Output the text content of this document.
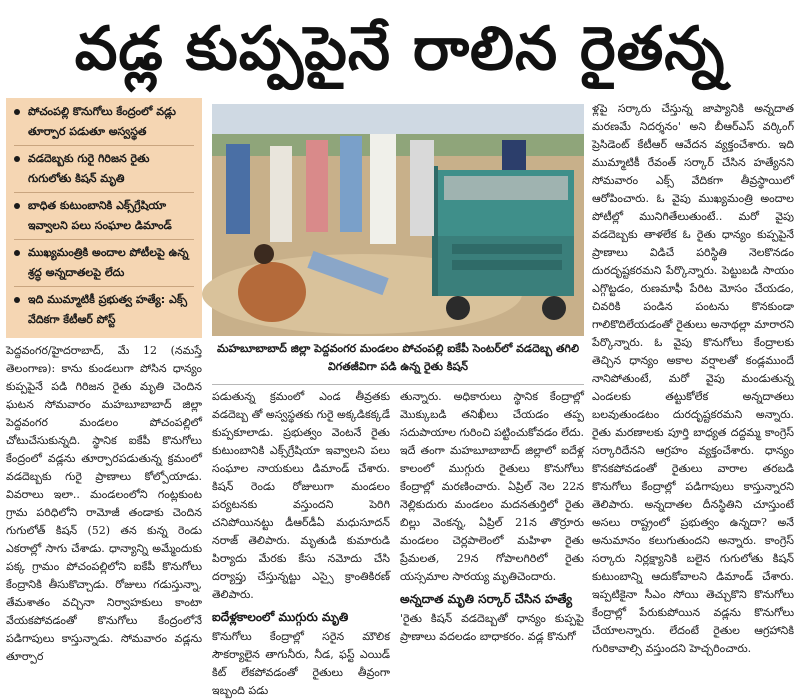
వడ్ల కుప్పపైనే రాలిన రైతన్న
పోచంపల్లి కొనుగోలు కేంద్రంలో వడ్లు తూర్పార పడుతూ అస్వస్థత
వడదెబ్బకు గురై గిరిజన రైతు గుగులోతు కిషన్ మృతి
బాధిత కుటుంబానికి ఎక్స్‌గ్రేషియా ఇవ్వాలని పలు సంఘాల డిమాండ్
ముఖ్యమంత్రికి అందాల పోటీలపై ఉన్న శ్రద్ధ అన్నదాతలపై లేదు
ఇది ముమ్మాటికీ ప్రభుత్వ హత్యే: ఎక్స్ వేదికగా కేటీఆర్ పోస్ట్
మహబూబాబాద్ జిల్లా పెద్దవంగర మండలం పోచంపల్లి ఐకేపీ సెంటర్‌లో వడదెబ్బ తగిలి విగతజీవిగా పడి ఉన్న రైతు కిషన్

పెద్దవంగర/హైదరాబాద్, మే 12 (నమస్తే తెలంగాణ): కాను కుండలుగా పోసిన ధాన్యం కుప్పపైనే పడి గిరిజన రైతు మృతి చెందిన ఘటన సోమవారం మహబూబాబాద్ జిల్లా పెద్దవంగర మండలం పోచంపల్లిలో చోటుచేసుకున్నది. స్థానిక ఐకేపీ కొనుగోలు కేంద్రంలో వడ్లను తూర్పారపడుతున్న క్రమంలో వడదెబ్బకు గురై ప్రాణాలు కోల్పోయాడు. వివరాలు ఇలా.. మండలంలోని గంట్లకుంట గ్రామ పరిధిలోని రామోజీ తండాకు చెందిన గుగులోత్ కిషన్ (52) తన కున్న రెండు ఎకరాల్లో సాగు చేశాడు. ధాన్యాన్ని అమ్మేందుకు పక్క గ్రామం పోచంపల్లిలోని ఐకేపీ కొనుగోలు కేంద్రానికి తీసుకొచ్చాడు. రోజులు గడుస్తున్నా, తేమశాతం వచ్చినా నిర్వాహకులు కాంటా వేయకపోవడంతో కొనుగోలు కేంద్రంలోనే పడిగాపులు కాస్తున్నాడు. సోమవారం వడ్లను తూర్పార

పడుతున్న క్రమంలో ఎండ తీవ్రతకు వడదెబ్బ తో అస్వస్థతకు గురై అక్కడికక్కడే కుప్పకూలాడు. ప్రభుత్వం వెంటనే రైతు కుటుంబానికి ఎక్స్‌గ్రేషియా ఇవ్వాలని పలు సంఘాల నాయకులు డిమాండ్ చేశారు. కిషన్ రెండు రోజులుగా మండలం పర్యటనకు వస్తుందని పెరిగి చనిపోయినట్టు డీఆర్‌డీఏ మధుసూదన్ నరాజ్ తెలిపారు. మృతుడి కుమారుడి పిర్యాదు మేరకు కేసు నమోదు చేసి దర్యాప్తు చేస్తున్నట్టు ఎస్సై క్రాంతికిరణ్ తెలిపారు.

ఐదేళ్లకాలంలో ముగ్గురు మృతి

కొనుగోలు కేంద్రాల్లో సరైన మౌలిక సౌకర్యాలైన తాగునీరు, నీడ, ఫస్ట్ ఎయిడ్ కిట్ లేకపోవడంతో రైతులు తీవ్రంగా ఇబ్బంది పడు

తున్నారు. అధికారులు స్థానిక కేంద్రాల్లో మొక్కుబడి తనిఖీలు చేయడం తప్ప సదుపాయాల గురించి పట్టించుకోవడం లేదు. ఇదే తంగా మహబూబాబాద్ జిల్లాలో ఐదేళ్ల కాలంలో ముగ్గురు రైతులు కొనుగోలు కేంద్రాల్లో మరణించారు. ఏప్రిల్ నెల 22న నెల్లికుదురు మండలం మదనతుర్తిలో రైతు బిల్లు వెంకన్న, ఏప్రిల్ 21న తొర్రూరు మండలం చెర్లపాలెంలో మహిళా రైతు ప్రేమలత, 29న గోపాలగిరిలో రైతు యస్సమాల సారయ్య మృతిచెందారు.

అన్నదాత మృతి సర్కార్ చేసిన హత్యే

'రైతు కిషన్ వడదెబ్బతో ధాన్యం కుప్పపై ప్రాణాలు వదలడం బాధాకరం. వడ్ల కొనుగో

ళ్లపై సర్కారు చేస్తున్న జాప్యానికి అన్నదాత మరణమే నిదర్శనం' అని బీఆర్ఎస్ వర్కింగ్ ప్రెసిడెంట్ కేటీఆర్ ఆవేదన వ్యక్తంచేశారు. ఇది ముమ్మాటికీ రేవంత్ సర్కార్ చేసిన హత్యేనని సోమవారం ఎక్స్ వేదికగా తీవ్రస్థాయిలో ఆరోపించారు. ఓ వైపు ముఖ్యమంత్రి అందాల పోటీల్లో మునిగితేలుతుంటే.. మరో వైపు వడదెబ్బకు తాళలేక ఓ రైతు ధాన్యం కుప్పపైనే ప్రాణాలు విడిచే పరిస్థితి నెలకొనడం దురదృష్టకరమని పేర్కొన్నారు. పెట్టుబడి సాయం ఎగ్గొట్టడం, రుణమాఫీ పేరిట మోసం చేయడం, చివరికి పండిన పంటను కొనకుండా గాలికొదిలేయడంతో రైతులు అనాథల్లా మారారని పేర్కొన్నారు. ఓ వైపు కొనుగోలు కేంద్రాలకు తెచ్చిన ధాన్యం అకాల వర్షాలతో కండ్లముందే నానిపోతుంటే, మరో వైపు మండుతున్న ఎండలకు తట్టుకోలేక అన్నదాతలు బలవుతుండటం దురదృష్టకరమని అన్నారు. రైతు మరణాలకు పూర్తి బాధ్యత దద్దమ్మ కాంగ్రెస్ సర్కారిదేనని ఆగ్రహం వ్యక్తంచేశారు. ధాన్యం కొనకపోవడంతో రైతులు వారాల తరబడి కొనుగోలు కేంద్రాల్లో పడిగాపులు కాస్తున్నారని తెలిపారు. అన్నదాతల దీనస్థితిని చూస్తుంటే అసలు రాష్ట్రంలో ప్రభుత్వం ఉన్నదా? అనే అనుమానం కలుగుతుందని అన్నారు. కాంగ్రెస్ సర్కారు నిర్లక్ష్యానికి బలైన గుగులోతు కిషన్ కుటుంబాన్ని ఆదుకోవాలని డిమాండ్ చేశారు. ఇప్పటికైనా సీఎం సోయి తెచ్చుకొని కొనుగోలు కేంద్రాల్లో పేరుకుపోయిన వడ్లను కొనుగోలు చేయాలన్నారు. లేదంటే రైతుల ఆగ్రహానికి గురికావాల్సి వస్తుందని హెచ్చరించారు.
